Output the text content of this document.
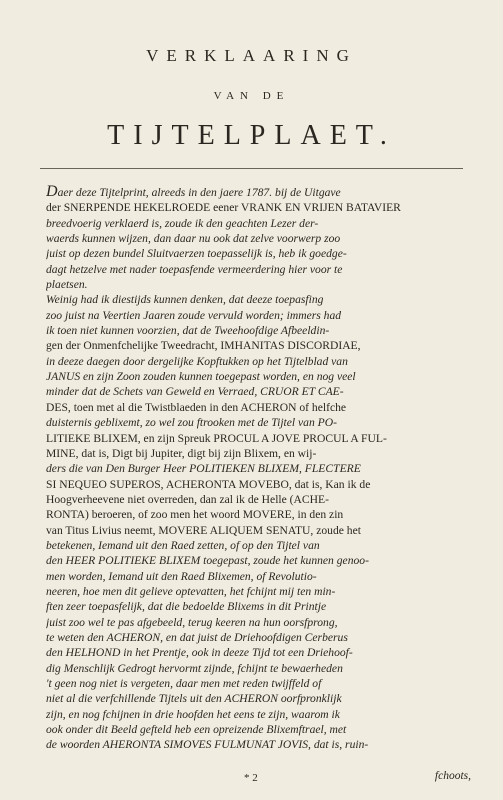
VERKLAARING
VAN DE
TIJTELPLAET.
Daer deze Tijtelprint, alreeds in den jaere 1787. bij de Uitgave
der SNERPENDE HEKELROEDE eener VRANK EN VRIJEN BATAVIER
breedvoerig verklaerd is, zoude ik den geachten Lezer der-
waerds kunnen wijzen, dan daar nu ook dat zelve voorwerp zoo
juist op dezen bundel Sluitvaerzen toepasselijk is, heb ik goedge-
dagt hetzelve met nader toepasfende vermeerdering hier voor te
plaetsen.
Weinig had ik diestijds kunnen denken, dat deeze toepasfing
zoo juist na Veertien Jaaren zoude vervuld worden; immers had
ik toen niet kunnen voorzien, dat de Tweehoofdige Afbeeldin-
gen der Onmenfchelijke Tweedracht, IMHANITAS DISCORDIAE,
in deeze daegen door dergelijke Kopftukken op het Tijtelblad van
JANUS en zijn Zoon zouden kunnen toegepast worden, en nog veel
minder dat de Schets van Geweld en Verraed, CRUOR ET CAE-
DES, toen met al die Twistblaeden in den ACHERON of helfche
duisternis geblixemt, zo wel zou ftrooken met de Tijtel van PO-
LITIEKE BLIXEM, en zijn Spreuk PROCUL A JOVE PROCUL A FUL-
MINE, dat is, Digt bij Jupiter, digt bij zijn Blixem, en wij-
ders die van Den Burger Heer POLITIEKEN BLIXEM, FLECTERE
SI NEQUEO SUPEROS, ACHERONTA MOVEBO, dat is, Kan ik de
Hoogverheevene niet overreden, dan zal ik de Helle (ACHE-
RONTA) beroeren, of zoo men het woord MOVERE, in den zin
van Titus Livius neemt, MOVERE ALIQUEM SENATU, zoude het
betekenen, Iemand uit den Raed zetten, of op den Tijtel van
den HEER POLITIEKE BLIXEM toegepast, zoude het kunnen genoo-
men worden, Iemand uit den Raed Blixemen, of Revolutio-
neeren, hoe men dit gelieve optevatten, het fchijnt mij ten min-
ften zeer toepasfelijk, dat die bedoelde Blixems in dit Printje
juist zoo wel te pas afgebeeld, terug keeren na hun oorsfprong,
te weten den ACHERON, en dat juist de Driehoofdigen Cerberus
den HELHOND in het Prentje, ook in deeze Tijd tot een Driehoof-
dig Menschlijk Gedrogt hervormt zijnde, fchijnt te bewaerheden
't geen nog niet is vergeten, daar men met reden twijffeld of
niet al die verfchillende Tijtels uit den ACHERON oorfpronklijk
zijn, en nog fchijnen in drie hoofden het eens te zijn, waarom ik
ook onder dit Beeld gefteld heb een opreizende Blixemftrael, met
de woorden AHERONTA SIMOVES FULMUNAT JOVIS, dat is, ruin-
* 2	fchoots,
